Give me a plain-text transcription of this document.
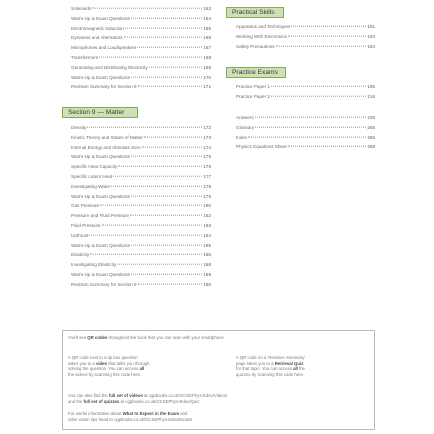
Solenoids	163
Warm-Up & Exam Questions	164
Electromagnetic Induction	165
Dynamos and Alternators	166
Microphones and Loudspeakers	167
Transformers	168
Generating and Distributing Electricity	169
Warm-Up & Exam Questions	170
Revision Summary for Section 8	171
Section 9 — Matter
Density	172
Kinetic Theory and States of Matter	173
Internal Energy and Absolute Zero	174
Warm-Up & Exam Questions	175
Specific Heat Capacity	176
Specific Latent Heat	177
Investigating Water	178
Warm-Up & Exam Questions	179
Gas Pressure	180
Pressure and Fluid Pressure	182
Fluid Pressure	183
Upthrust	184
Warm-Up & Exam Questions	185
Elasticity	186
Investigating Elasticity	188
Warm-Up & Exam Questions	189
Revision Summary for Section 9	190
Practical Skills
Apparatus and Techniques	191
Working With Electronics	193
Safety Precautions	194
Practice Exams
Practice Paper 1	195
Practice Paper 2	216
Answers	238
Glossary	255
Index	266
Physics Equations Sheet	268
You'll see QR codes throughout the book that you can scan with your smartphone.
A QR code next to a tip box question
takes you to a video that talks you through
solving the question. You can access all
the videos by scanning this code here.
A QR code on a 'Revision Summary'
page takes you to a Retrieval Quiz
for that topic. You can access all the
quizzes by scanning this code here.
You can also find the full set of videos at cgpbooks.co.uk/GCSEPhys-Edex/Videos
and the full set of quizzes at cgpbooks.co.uk/GCSEPhys-Edex/Quiz
For useful information about What to Expect in the Exam and
other exam tips head to cgpbooks.co.uk/GCSEPhys-Edex/Exams
